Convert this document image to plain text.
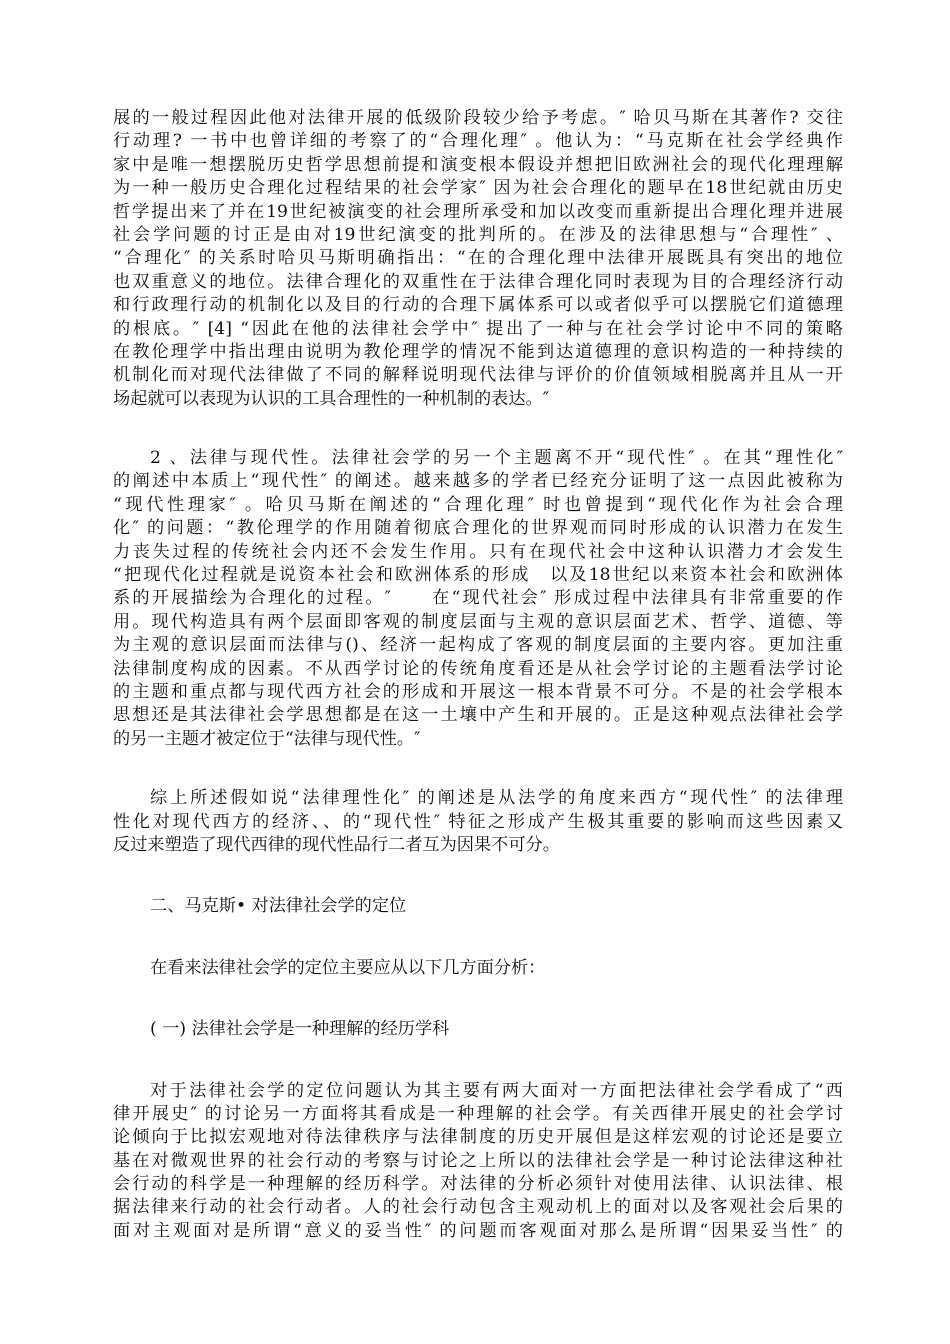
展的一般过程因此他对法律开展的低级阶段较少给予考虑。″ 哈贝马斯在其著作? 交往
行动理? 一书中也曾详细的考察了的“合理化理″ 。他认为：“马克斯在社会学经典作
家中是唯一想摆脱历史哲学思想前提和演变根本假设并想把旧欧洲社会的现代化理理解
为一种一般历史合理化过程结果的社会学家″ 因为社会合理化的题早在18世纪就由历史
哲学提出来了并在19世纪被演变的社会理所承受和加以改变而重新提出合理化理并进展
社会学问题的讨正是由对19世纪演变的批判所的。在涉及的法律思想与“合理性″ 、
“合理化″ 的关系时哈贝马斯明确指出：“在的合理化理中法律开展既具有突出的地位
也双重意义的地位。法律合理化的双重性在于法律合理化同时表现为目的合理经济行动
和行政理行动的机制化以及目的行动的合理下属体系可以或者似乎可以摆脱它们道德理
的根底。″ [4] “因此在他的法律社会学中″ 提出了一种与在社会学讨论中不同的策略
在教伦理学中指出理由说明为教伦理学的情况不能到达道德理的意识构造的一种持续的
机制化而对现代法律做了不同的解释说明现代法律与评价的价值领域相脱离并且从一开
场起就可以表现为认识的工具合理性的一种机制的表达。″
2 、法律与现代性。法律社会学的另一个主题离不开“现代性″ 。在其“理性化″
的阐述中本质上“现代性″ 的阐述。越来越多的学者已经充分证明了这一点因此被称为
“现代性理家″ 。哈贝马斯在阐述的“合理化理″ 时也曾提到“现代化作为社会合理
化″ 的问题：“教伦理学的作用随着彻底合理化的世界观而同时形成的认识潜力在发生
力丧失过程的传统社会内还不会发生作用。只有在现代社会中这种认识潜力才会发生
“把现代化过程就是说资本社会和欧洲体系的形成　以及18世纪以来资本社会和欧洲体
系的开展描绘为合理化的过程。″　　在“现代社会″ 形成过程中法律具有非常重要的作
用。现代构造具有两个层面即客观的制度层面与主观的意识层面艺术、哲学、道德、等
为主观的意识层面而法律与()、经济一起构成了客观的制度层面的主要内容。更加注重
法律制度构成的因素。不从西学讨论的传统角度看还是从社会学讨论的主题看法学讨论
的主题和重点都与现代西方社会的形成和开展这一根本背景不可分。不是的社会学根本
思想还是其法律社会学思想都是在这一土壤中产生和开展的。正是这种观点法律社会学
的另一主题才被定位于“法律与现代性。″
综上所述假如说“法律理性化″ 的阐述是从法学的角度来西方“现代性″ 的法律理
性化对现代西方的经济、、的“现代性″ 特征之形成产生极其重要的影响而这些因素又
反过来塑造了现代西律的现代性品行二者互为因果不可分。
二、马克斯• 对法律社会学的定位
在看来法律社会学的定位主要应从以下几方面分析：
( 一) 法律社会学是一种理解的经历学科
对于法律社会学的定位问题认为其主要有两大面对一方面把法律社会学看成了“西
律开展史″ 的讨论另一方面将其看成是一种理解的社会学。有关西律开展史的社会学讨
论倾向于比拟宏观地对待法律秩序与法律制度的历史开展但是这样宏观的讨论还是要立
基在对微观世界的社会行动的考察与讨论之上所以的法律社会学是一种讨论法律这种社
会行动的科学是一种理解的经历科学。对法律的分析必须针对使用法律、认识法律、根
据法律来行动的社会行动者。人的社会行动包含主观动机上的面对以及客观社会后果的
面对主观面对是所谓“意义的妥当性″ 的问题而客观面对那么是所谓“因果妥当性″ 的
